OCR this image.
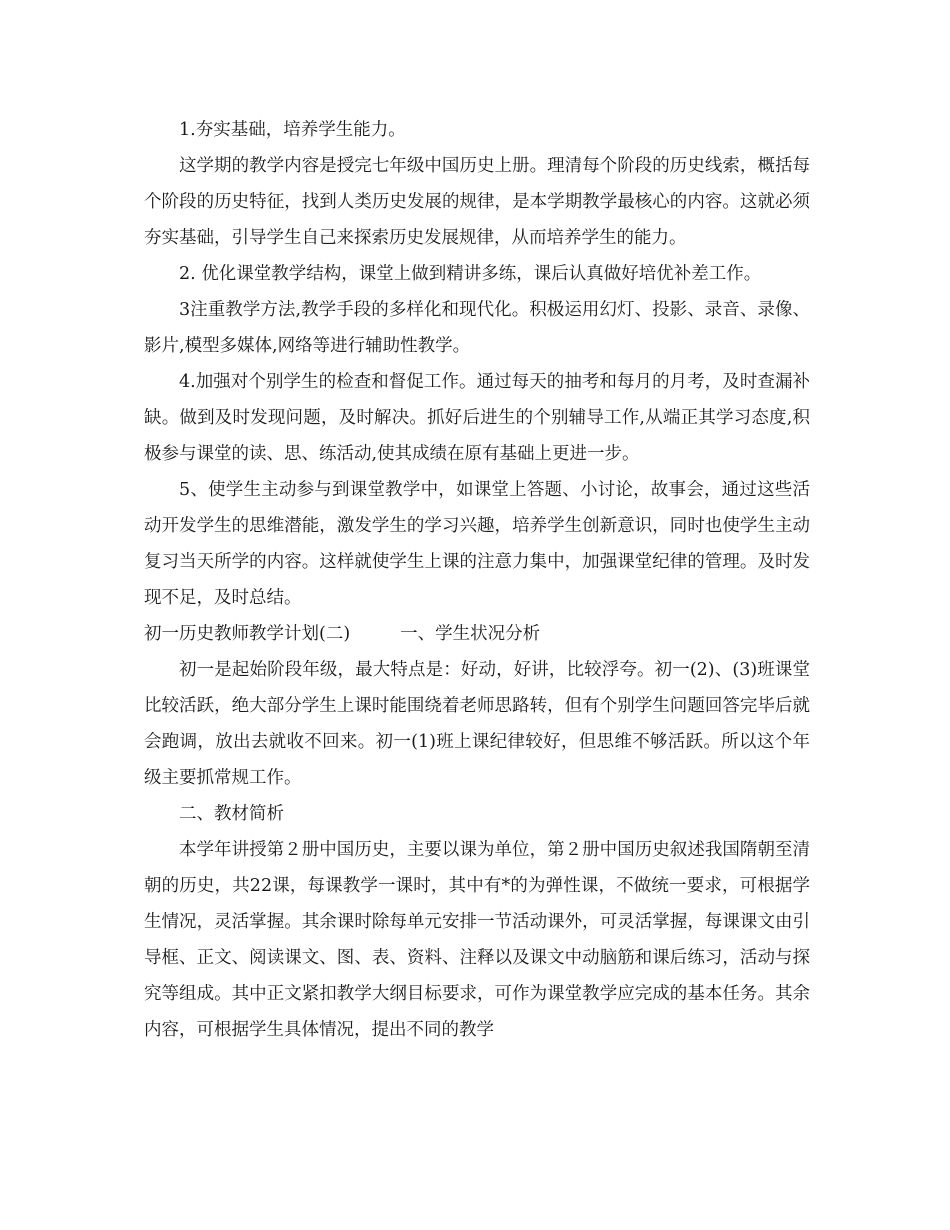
1.夯实基础，培养学生能力。

这学期的教学内容是授完七年级中国历史上册。理清每个阶段的历史线索，概括每个阶段的历史特征，找到人类历史发展的规律，是本学期教学最核心的内容。这就必须夯实基础，引导学生自己来探索历史发展规律，从而培养学生的能力。

2. 优化课堂教学结构，课堂上做到精讲多练，课后认真做好培优补差工作。

3注重教学方法,教学手段的多样化和现代化。积极运用幻灯、投影、录音、录像、影片,模型多媒体,网络等进行辅助性教学。

4.加强对个别学生的检查和督促工作。通过每天的抽考和每月的月考，及时查漏补缺。做到及时发现问题，及时解决。抓好后进生的个别辅导工作,从端正其学习态度,积极参与课堂的读、思、练活动,使其成绩在原有基础上更进一步。

5、使学生主动参与到课堂教学中，如课堂上答题、小讨论，故事会，通过这些活动开发学生的思维潜能，激发学生的学习兴趣，培养学生创新意识，同时也使学生主动复习当天所学的内容。这样就使学生上课的注意力集中，加强课堂纪律的管理。及时发现不足，及时总结。

初一历史教师教学计划(二)	一、学生状况分析

初一是起始阶段年级，最大特点是：好动，好讲，比较浮夸。初一(2)、(3)班课堂比较活跃，绝大部分学生上课时能围绕着老师思路转，但有个别学生问题回答完毕后就会跑调，放出去就收不回来。初一(1)班上课纪律较好，但思维不够活跃。所以这个年级主要抓常规工作。

二、教材简析

本学年讲授第２册中国历史，主要以课为单位，第２册中国历史叙述我国隋朝至清朝的历史，共22课，每课教学一课时，其中有*的为弹性课，不做统一要求，可根据学生情况，灵活掌握。其余课时除每单元安排一节活动课外，可灵活掌握，每课课文由引导框、正文、阅读课文、图、表、资料、注释以及课文中动脑筋和课后练习，活动与探究等组成。其中正文紧扣教学大纲目标要求，可作为课堂教学应完成的基本任务。其余内容，可根据学生具体情况，提出不同的教学
